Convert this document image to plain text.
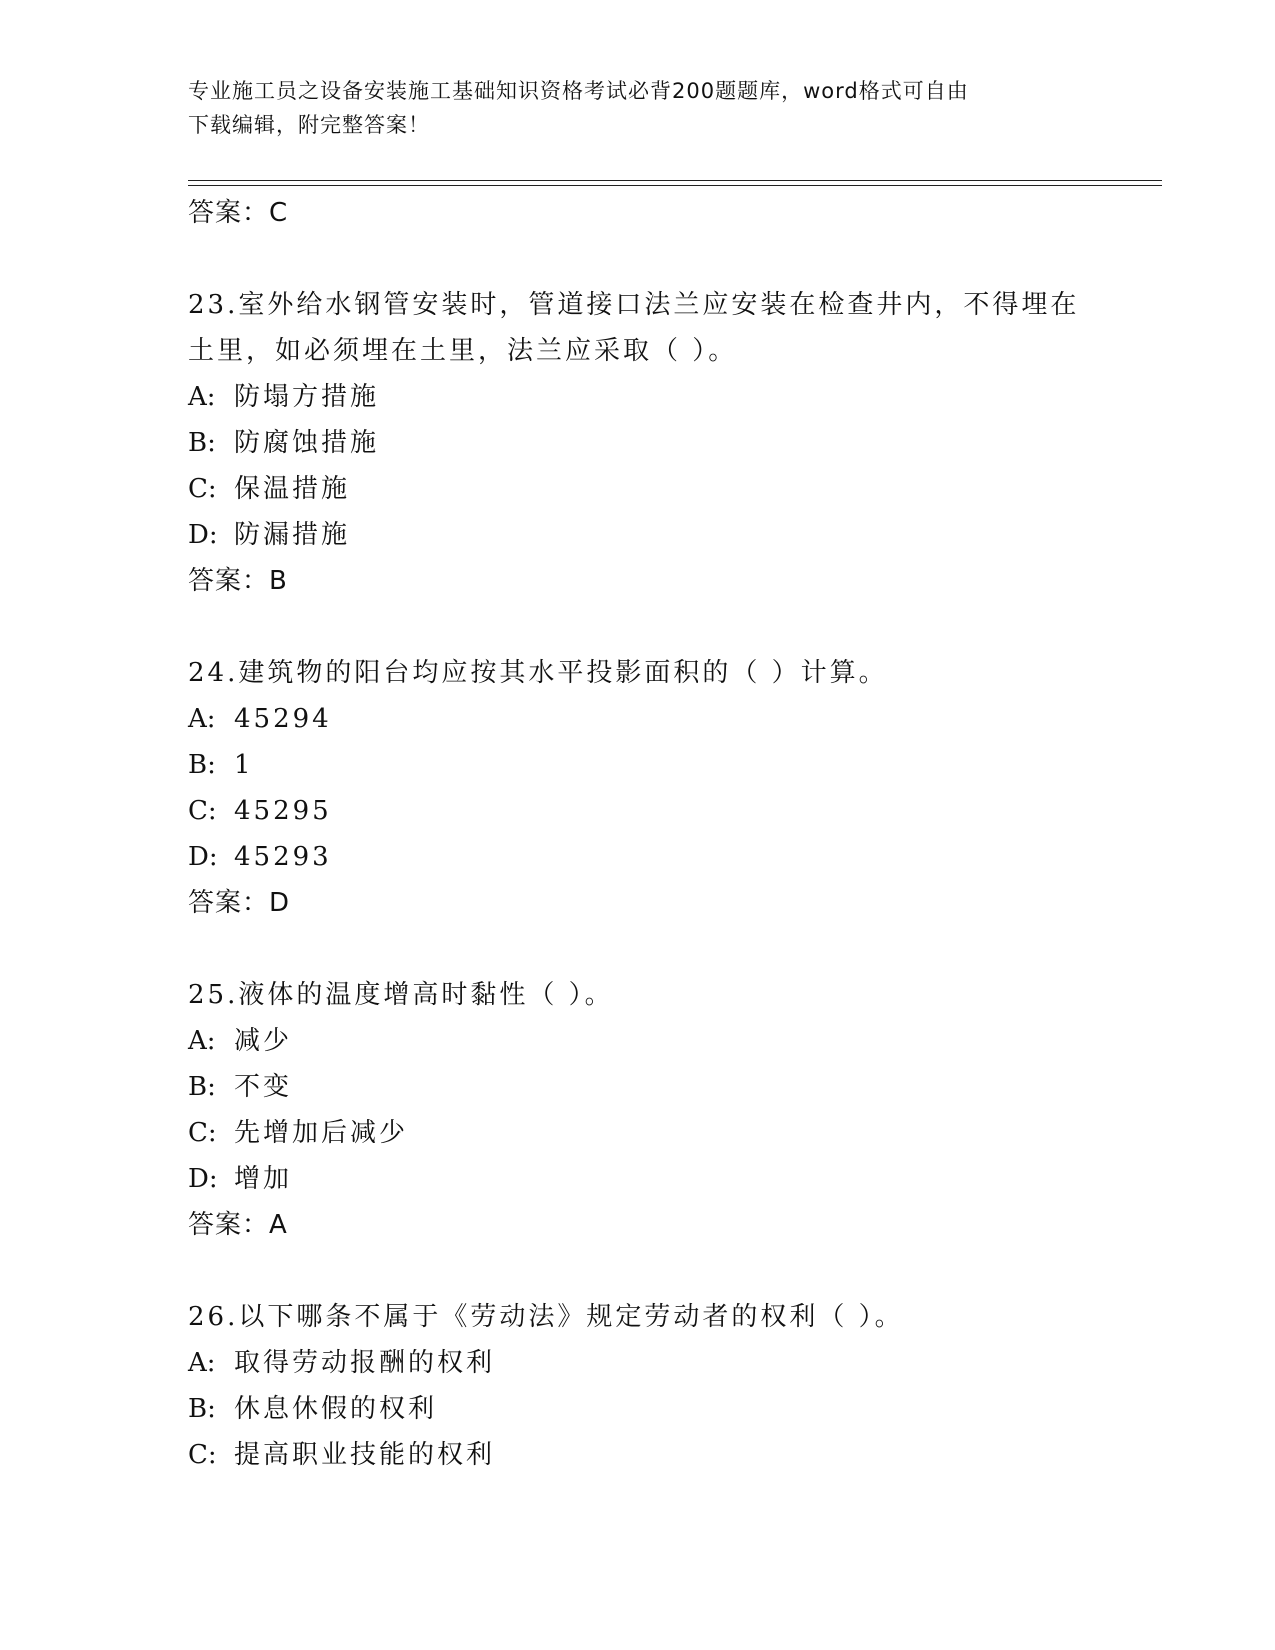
专业施工员之设备安装施工基础知识资格考试必背200题题库，word格式可自由
下载编辑，附完整答案！
答案：C
23.室外给水钢管安装时，管道接口法兰应安装在检查井内，不得埋在
土里，如必须埋在土里，法兰应采取（ ）。
A: 防塌方措施
B: 防腐蚀措施
C: 保温措施
D: 防漏措施
答案：B
24.建筑物的阳台均应按其水平投影面积的（ ）计算。
A: 45294
B: 1
C: 45295
D: 45293
答案：D
25.液体的温度增高时黏性（ ）。
A: 减少
B: 不变
C: 先增加后减少
D: 增加
答案：A
26.以下哪条不属于《劳动法》规定劳动者的权利（ ）。
A: 取得劳动报酬的权利
B: 休息休假的权利
C: 提高职业技能的权利
